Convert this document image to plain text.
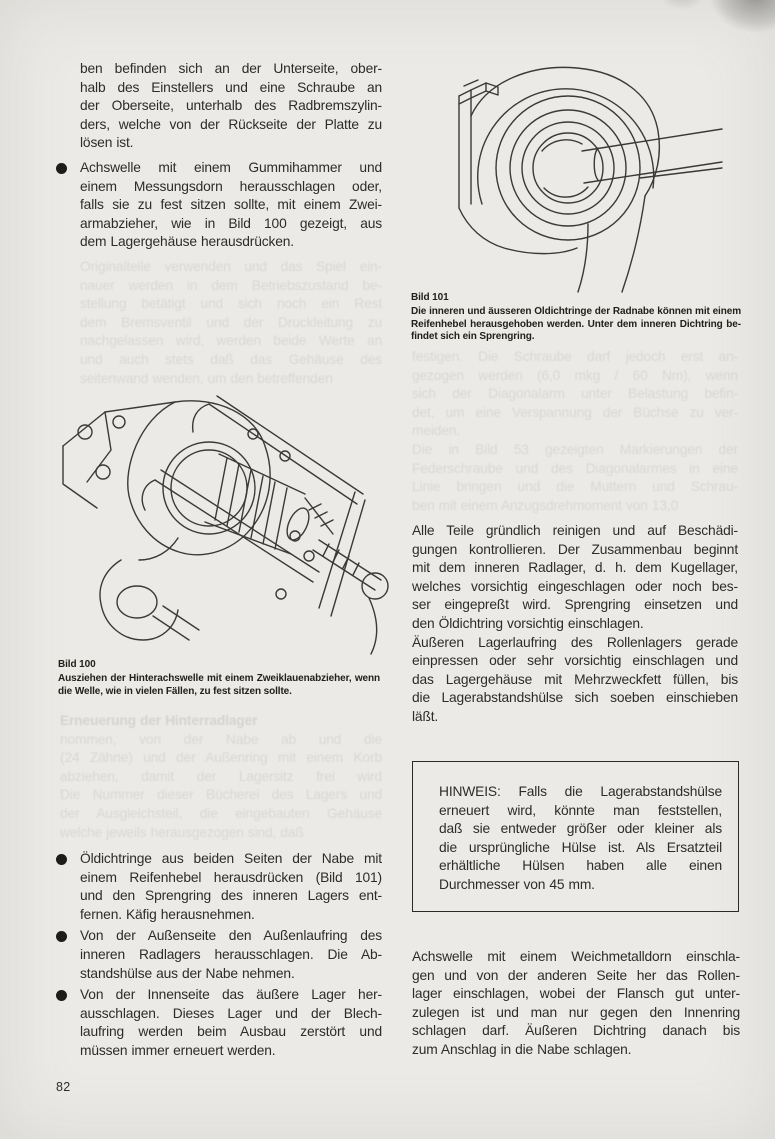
Originalteile verwenden und das Spiel ein-
nauer werden in dem Betriebszustand be-
stellung betätigt und sich noch ein Rest
dem Bremsventil und der Druckleitung zu
nachgelassen wird, werden beide Werte an
und auch stets daß das Gehäuse des
seitenwand wenden, um den betreffenden
Erneuerung der Hinterradlager
nommen, von der Nabe ab und die
(24 Zähne) und der Außenring mit einem Korb
abziehen, damit der Lagersitz frei wird
Die Nummer dieser Bücherei des Lagers und
der Ausgleichsteil, die eingebauten Gehäuse
welche jeweils herausgezogen sind, daß
festigen. Die Schraube darf jedoch erst an-
gezogen werden (6,0 mkg / 60 Nm), wenn
sich der Diagonalarm unter Belastung befin-
det, um eine Verspannung der Büchse zu ver-
meiden.
Die in Bild 53 gezeigten Markierungen der
Federschraube und des Diagonalarmes in eine
Linie bringen und die Muttern und Schrau-
ben mit einem Anzugsdrehmoment von 13,0
ben befinden sich an der Unterseite, ober-
halb des Einstellers und eine Schraube an
der Oberseite, unterhalb des Radbremszylin-
ders, welche von der Rückseite der Platte zu
lösen ist.
Achswelle mit einem Gummihammer und
einem Messungsdorn herausschlagen oder,
falls sie zu fest sitzen sollte, mit einem Zwei-
armabzieher, wie in Bild 100 gezeigt, aus
dem Lagergehäuse herausdrücken.
Bild 101
Die inneren und äusseren Öldichtringe der Radnabe können mit einem
Reifenhebel herausgehoben werden. Unter dem inneren Dichtring be-
findet sich ein Sprengring.
Bild 100
Ausziehen der Hinterachswelle mit einem Zweiklauenabzieher, wenn
die Welle, wie in vielen Fällen, zu fest sitzen sollte.
Alle Teile gründlich reinigen und auf Beschädi-
gungen kontrollieren. Der Zusammenbau beginnt
mit dem inneren Radlager, d. h. dem Kugellager,
welches vorsichtig eingeschlagen oder noch bes-
ser eingepreßt wird. Sprengring einsetzen und
den Öldichtring vorsichtig einschlagen.
Äußeren Lagerlaufring des Rollenlagers gerade
einpressen oder sehr vorsichtig einschlagen und
das Lagergehäuse mit Mehrzweckfett füllen, bis
die Lagerabstandshülse sich soeben einschieben
läßt.
HINWEIS: Falls die Lagerabstandshülse
erneuert wird, könnte man feststellen,
daß sie entweder größer oder kleiner als
die ursprüngliche Hülse ist. Als Ersatzteil
erhältliche Hülsen haben alle einen
Durchmesser von 45 mm.
Achswelle mit einem Weichmetalldorn einschla-
gen und von der anderen Seite her das Rollen-
lager einschlagen, wobei der Flansch gut unter-
zulegen ist und man nur gegen den Innenring
schlagen darf. Äußeren Dichtring danach bis
zum Anschlag in die Nabe schlagen.
Öldichtringe aus beiden Seiten der Nabe mit
einem Reifenhebel herausdrücken (Bild 101)
und den Sprengring des inneren Lagers ent-
fernen. Käfig herausnehmen.
Von der Außenseite den Außenlaufring des
inneren Radlagers herausschlagen. Die Ab-
standshülse aus der Nabe nehmen.
Von der Innenseite das äußere Lager her-
ausschlagen. Dieses Lager und der Blech-
laufring werden beim Ausbau zerstört und
müssen immer erneuert werden.
82
